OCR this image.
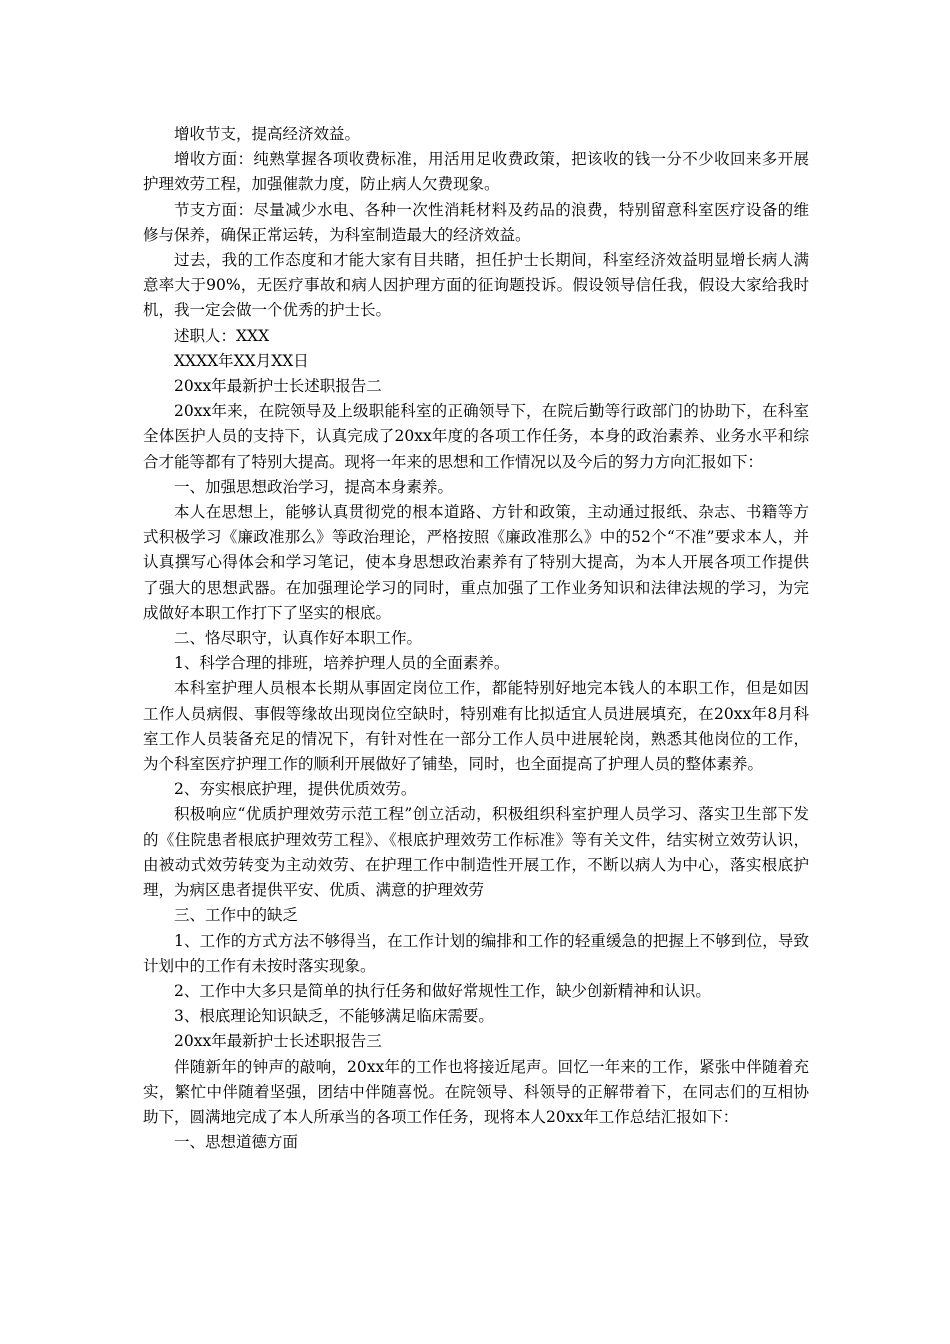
增收节支，提高经济效益。

增收方面：纯熟掌握各项收费标准，用活用足收费政策，把该收的钱一分不少收回来多开展护理效劳工程，加强催款力度，防止病人欠费现象。

节支方面：尽量减少水电、各种一次性消耗材料及药品的浪费，特别留意科室医疗设备的维修与保养，确保正常运转，为科室制造最大的经济效益。

过去，我的工作态度和才能大家有目共睹，担任护士长期间，科室经济效益明显增长病人满意率大于90%，无医疗事故和病人因护理方面的征询题投诉。假设领导信任我，假设大家给我时机，我一定会做一个优秀的护士长。

述职人：XXX

XXXX年XX月XX日

20xx年最新护士长述职报告二

20xx年来，在院领导及上级职能科室的正确领导下，在院后勤等行政部门的协助下，在科室全体医护人员的支持下，认真完成了20xx年度的各项工作任务，本身的政治素养、业务水平和综合才能等都有了特别大提高。现将一年来的思想和工作情况以及今后的努力方向汇报如下：

一、加强思想政治学习，提高本身素养。

本人在思想上，能够认真贯彻党的根本道路、方针和政策，主动通过报纸、杂志、书籍等方式积极学习《廉政准那么》等政治理论，严格按照《廉政准那么》中的52个“不准”要求本人，并认真撰写心得体会和学习笔记，使本身思想政治素养有了特别大提高，为本人开展各项工作提供了强大的思想武器。在加强理论学习的同时，重点加强了工作业务知识和法律法规的学习，为完成做好本职工作打下了坚实的根底。

二、恪尽职守，认真作好本职工作。

1、科学合理的排班，培养护理人员的全面素养。

本科室护理人员根本长期从事固定岗位工作，都能特别好地完本钱人的本职工作，但是如因工作人员病假、事假等缘故出现岗位空缺时，特别难有比拟适宜人员进展填充，在20xx年8月科室工作人员装备充足的情况下，有针对性在一部分工作人员中进展轮岗，熟悉其他岗位的工作，为个科室医疗护理工作的顺利开展做好了铺垫，同时，也全面提高了护理人员的整体素养。

2、夯实根底护理，提供优质效劳。

积极响应“优质护理效劳示范工程”创立活动，积极组织科室护理人员学习、落实卫生部下发的《住院患者根底护理效劳工程》、《根底护理效劳工作标准》等有关文件，结实树立效劳认识，由被动式效劳转变为主动效劳、在护理工作中制造性开展工作，不断以病人为中心，落实根底护理，为病区患者提供平安、优质、满意的护理效劳

三、工作中的缺乏

1、工作的方式方法不够得当，在工作计划的编排和工作的轻重缓急的把握上不够到位，导致计划中的工作有未按时落实现象。

2、工作中大多只是简单的执行任务和做好常规性工作，缺少创新精神和认识。

3、根底理论知识缺乏，不能够满足临床需要。

20xx年最新护士长述职报告三

伴随新年的钟声的敲响，20xx年的工作也将接近尾声。回忆一年来的工作，紧张中伴随着充实，繁忙中伴随着坚强，团结中伴随喜悦。在院领导、科领导的正解带着下，在同志们的互相协助下，圆满地完成了本人所承当的各项工作任务，现将本人20xx年工作总结汇报如下：

一、思想道德方面
